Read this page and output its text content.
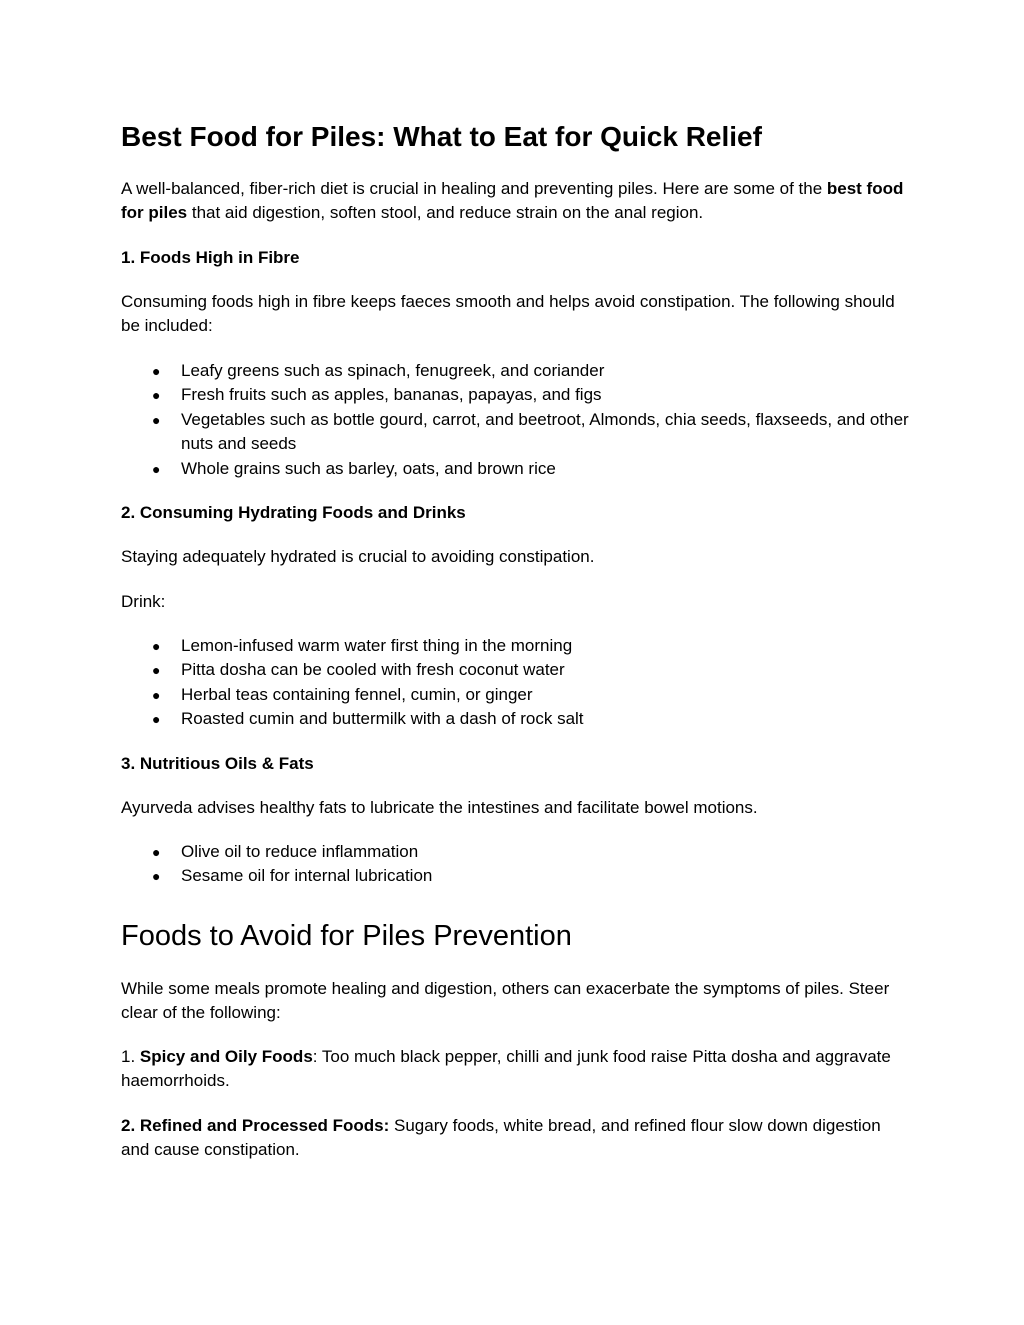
Best Food for Piles: What to Eat for Quick Relief

A well-balanced, fiber-rich diet is crucial in healing and preventing piles. Here are some of the best food for piles that aid digestion, soften stool, and reduce strain on the anal region.

1. Foods High in Fibre

Consuming foods high in fibre keeps faeces smooth and helps avoid constipation. The following should be included:

● Leafy greens such as spinach, fenugreek, and coriander
● Fresh fruits such as apples, bananas, papayas, and figs
● Vegetables such as bottle gourd, carrot, and beetroot, Almonds, chia seeds, flaxseeds, and other nuts and seeds
● Whole grains such as barley, oats, and brown rice
2. Consuming Hydrating Foods and Drinks

Staying adequately hydrated is crucial to avoiding constipation.

Drink:

● Lemon-infused warm water first thing in the morning
● Pitta dosha can be cooled with fresh coconut water
● Herbal teas containing fennel, cumin, or ginger
● Roasted cumin and buttermilk with a dash of rock salt
3. Nutritious Oils & Fats

Ayurveda advises healthy fats to lubricate the intestines and facilitate bowel motions.

● Olive oil to reduce inflammation
● Sesame oil for internal lubrication
Foods to Avoid for Piles Prevention

While some meals promote healing and digestion, others can exacerbate the symptoms of piles. Steer clear of the following:

1. Spicy and Oily Foods: Too much black pepper, chilli and junk food raise Pitta dosha and aggravate haemorrhoids.

2. Refined and Processed Foods: Sugary foods, white bread, and refined flour slow down digestion and cause constipation.
